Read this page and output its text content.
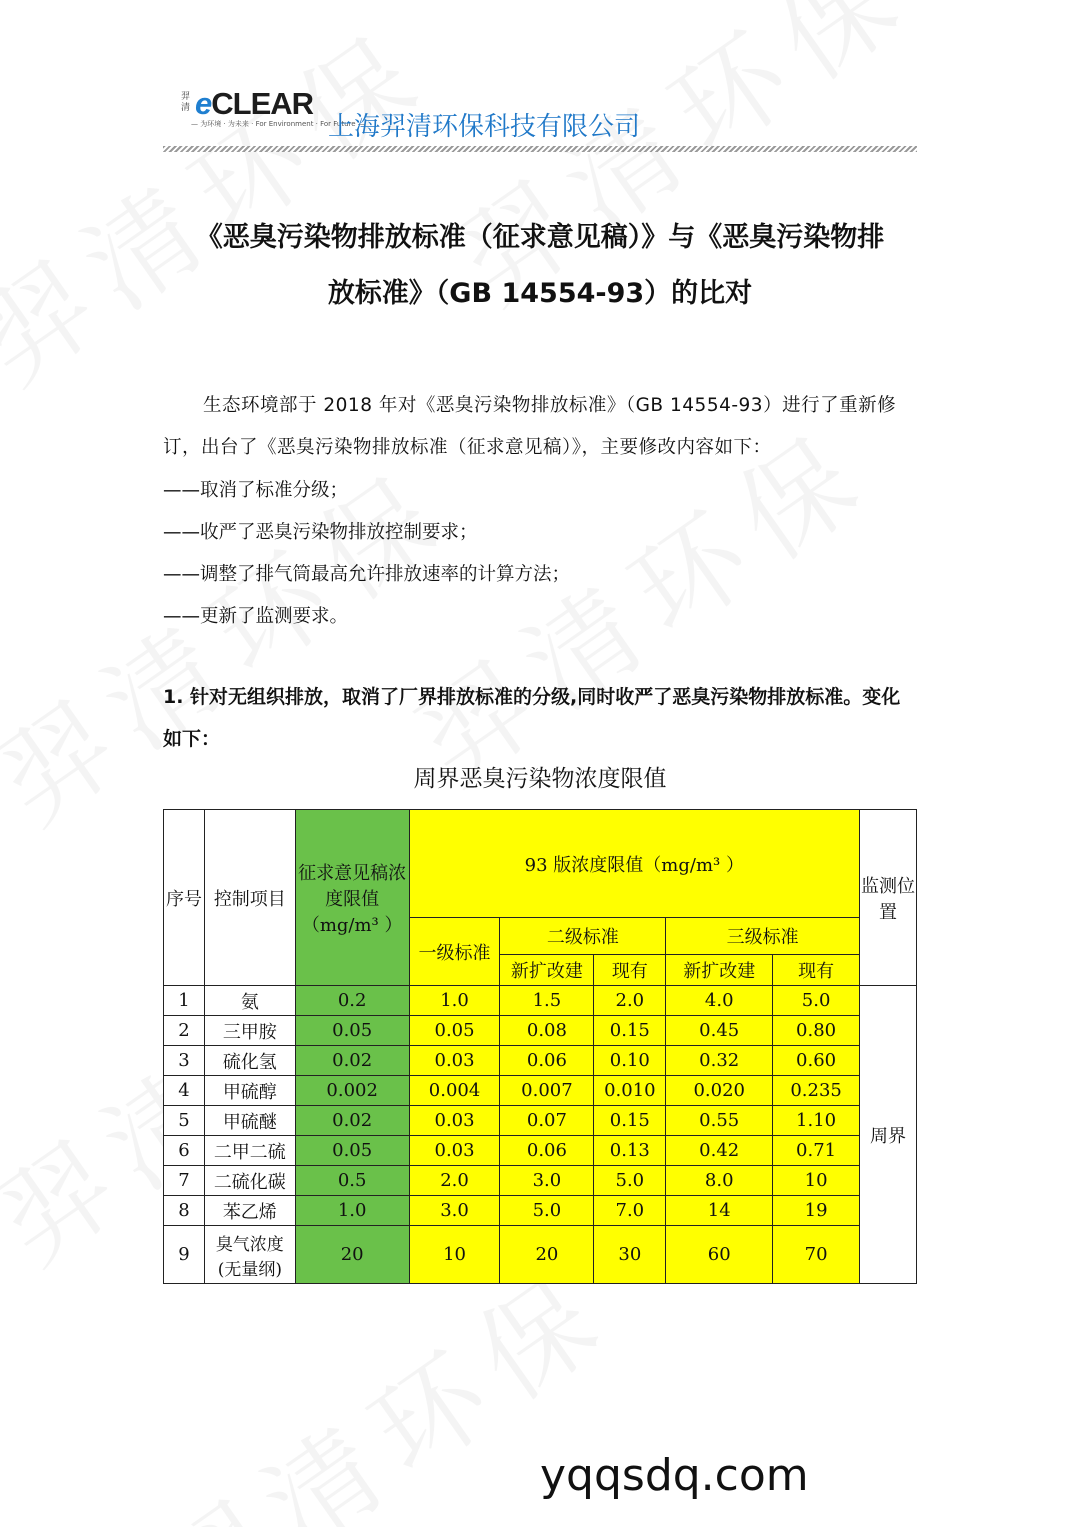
羿清 eCLEAR
— 为环境 · 为未来 · For Environment · For Future —
上海羿清环保科技有限公司
《恶臭污染物排放标准（征求意见稿）》与《恶臭污染物排
放标准》（GB 14554-93）的比对
生态环境部于 2018 年对《恶臭污染物排放标准》（GB 14554-93）进行了重新修订，出台了《恶臭污染物排放标准（征求意见稿）》，主要修改内容如下：
——取消了标准分级；
——收严了恶臭污染物排放控制要求；
——调整了排气筒最高允许排放速率的计算方法；
——更新了监测要求。
1. 针对无组织排放，取消了厂界排放标准的分级,同时收严了恶臭污染物排放标准。变化如下：
周界恶臭污染物浓度限值
序号	控制项目	征求意见稿浓度限值（mg/m³ ）	93 版浓度限值（mg/m³ ）					监测位置
			一级标准	二级标准		三级标准		
				新扩改建	现有	新扩改建	现有	
1	氨	0.2	1.0	1.5	2.0	4.0	5.0	周界
2	三甲胺	0.05	0.05	0.08	0.15	0.45	0.80	
3	硫化氢	0.02	0.03	0.06	0.10	0.32	0.60	
4	甲硫醇	0.002	0.004	0.007	0.010	0.020	0.235	
5	甲硫醚	0.02	0.03	0.07	0.15	0.55	1.10	
6	二甲二硫	0.05	0.03	0.06	0.13	0.42	0.71	
7	二硫化碳	0.5	2.0	3.0	5.0	8.0	10	
8	苯乙烯	1.0	3.0	5.0	7.0	14	19	
9	臭气浓度(无量纲)	20	10	20	30	60	70	
yqqsdq.com
